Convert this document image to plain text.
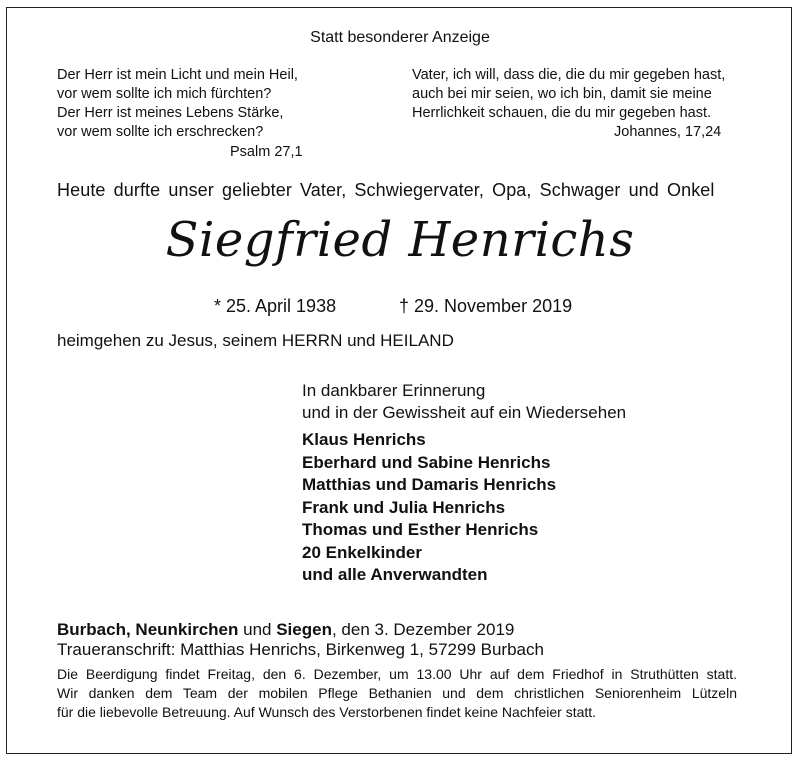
Statt besonderer Anzeige
Der Herr ist mein Licht und mein Heil,
vor wem sollte ich mich fürchten?
Der Herr ist meines Lebens Stärke,
vor wem sollte ich erschrecken?
Psalm 27,1
Vater, ich will, dass die, die du mir gegeben hast,
auch bei mir seien, wo ich bin, damit sie meine
Herrlichkeit schauen, die du mir gegeben hast.
Johannes, 17,24
Heute durfte unser geliebter Vater, Schwiegervater, Opa, Schwager und Onkel
Siegfried Henrichs
* 25. April 1938	† 29. November 2019
heimgehen zu Jesus, seinem HERRN und HEILAND
In dankbarer Erinnerung
und in der Gewissheit auf ein Wiedersehen
Klaus Henrichs
Eberhard und Sabine Henrichs
Matthias und Damaris Henrichs
Frank und Julia Henrichs
Thomas und Esther Henrichs
20 Enkelkinder
und alle Anverwandten
Burbach, Neunkirchen und Siegen, den 3. Dezember 2019
Traueranschrift: Matthias Henrichs, Birkenweg 1, 57299 Burbach
Die Beerdigung findet Freitag, den 6. Dezember, um 13.00 Uhr auf dem Friedhof in Struthütten statt.
Wir danken dem Team der mobilen Pflege Bethanien und dem christlichen Seniorenheim Lützeln
für die liebevolle Betreuung. Auf Wunsch des Verstorbenen findet keine Nachfeier statt.
